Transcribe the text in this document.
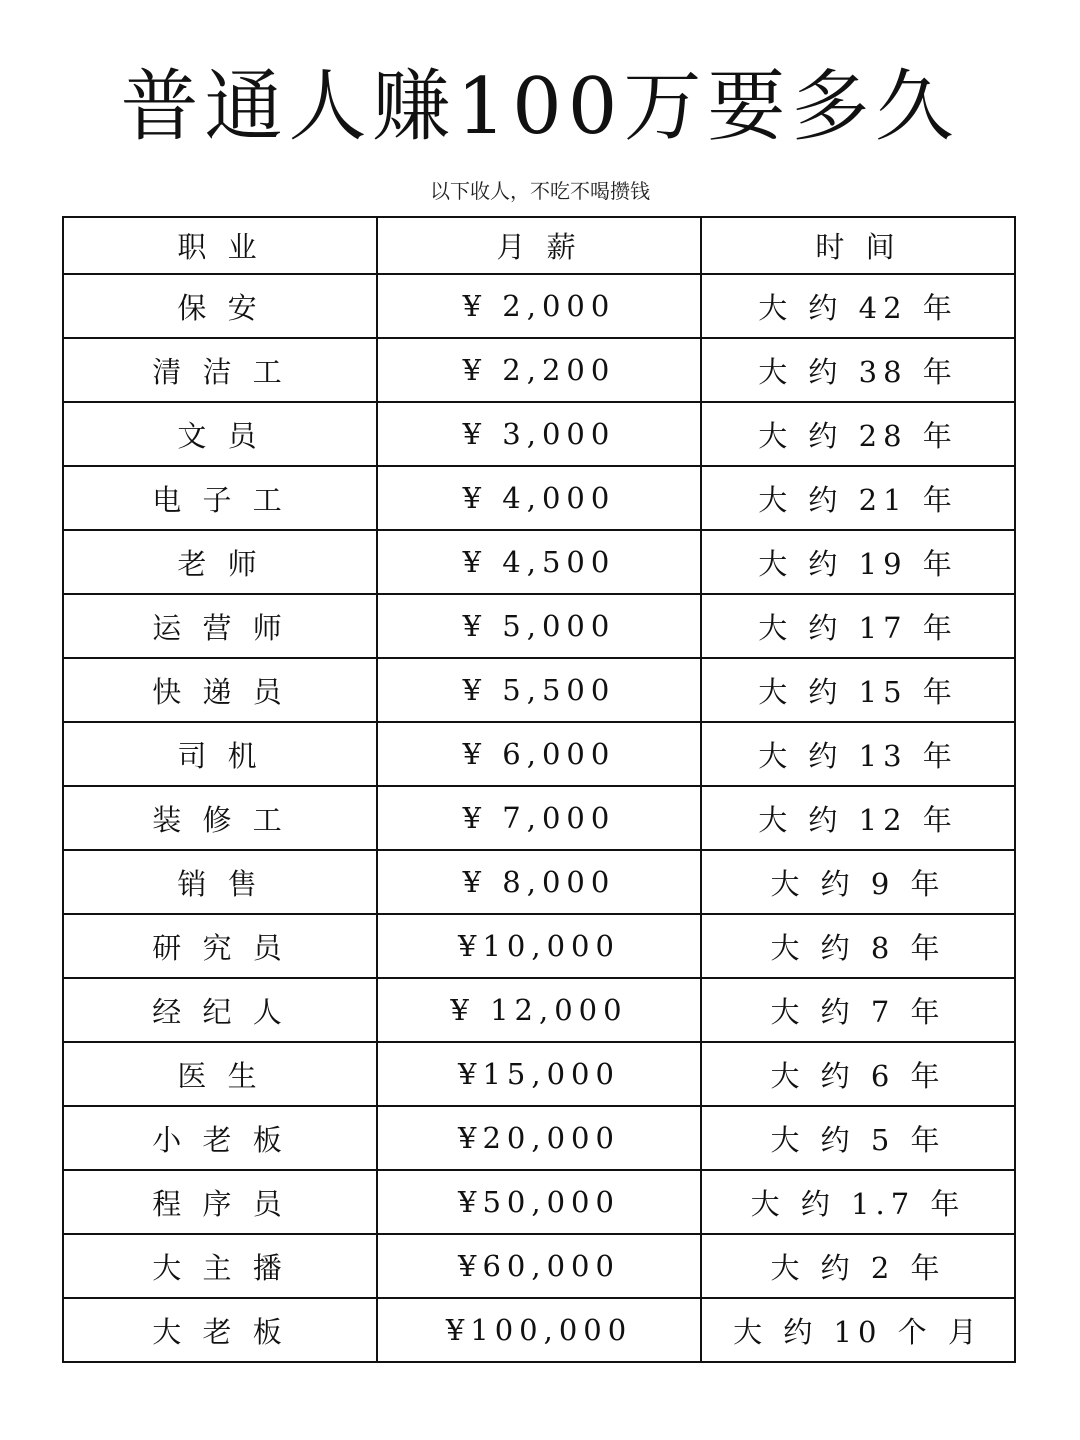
普通人赚100万要多久
以下收人，不吃不喝攒钱
职 业	月 薪	时 间
保 安	¥ 2,000	大 约 42 年
清 洁 工	¥ 2,200	大 约 38 年
文 员	¥ 3,000	大 约 28 年
电 子 工	¥ 4,000	大 约 21 年
老 师	¥ 4,500	大 约 19 年
运 营 师	¥ 5,000	大 约 17 年
快 递 员	¥ 5,500	大 约 15 年
司 机	¥ 6,000	大 约 13 年
装 修 工	¥ 7,000	大 约 12 年
销 售	¥ 8,000	大 约 9 年
研 究 员	¥10,000	大 约 8 年
经 纪 人	¥ 12,000	大 约 7 年
医 生	¥15,000	大 约 6 年
小 老 板	¥20,000	大 约 5 年
程 序 员	¥50,000	大 约 1.7 年
大 主 播	¥60,000	大 约 2 年
大 老 板	¥100,000	大 约 10 个 月
